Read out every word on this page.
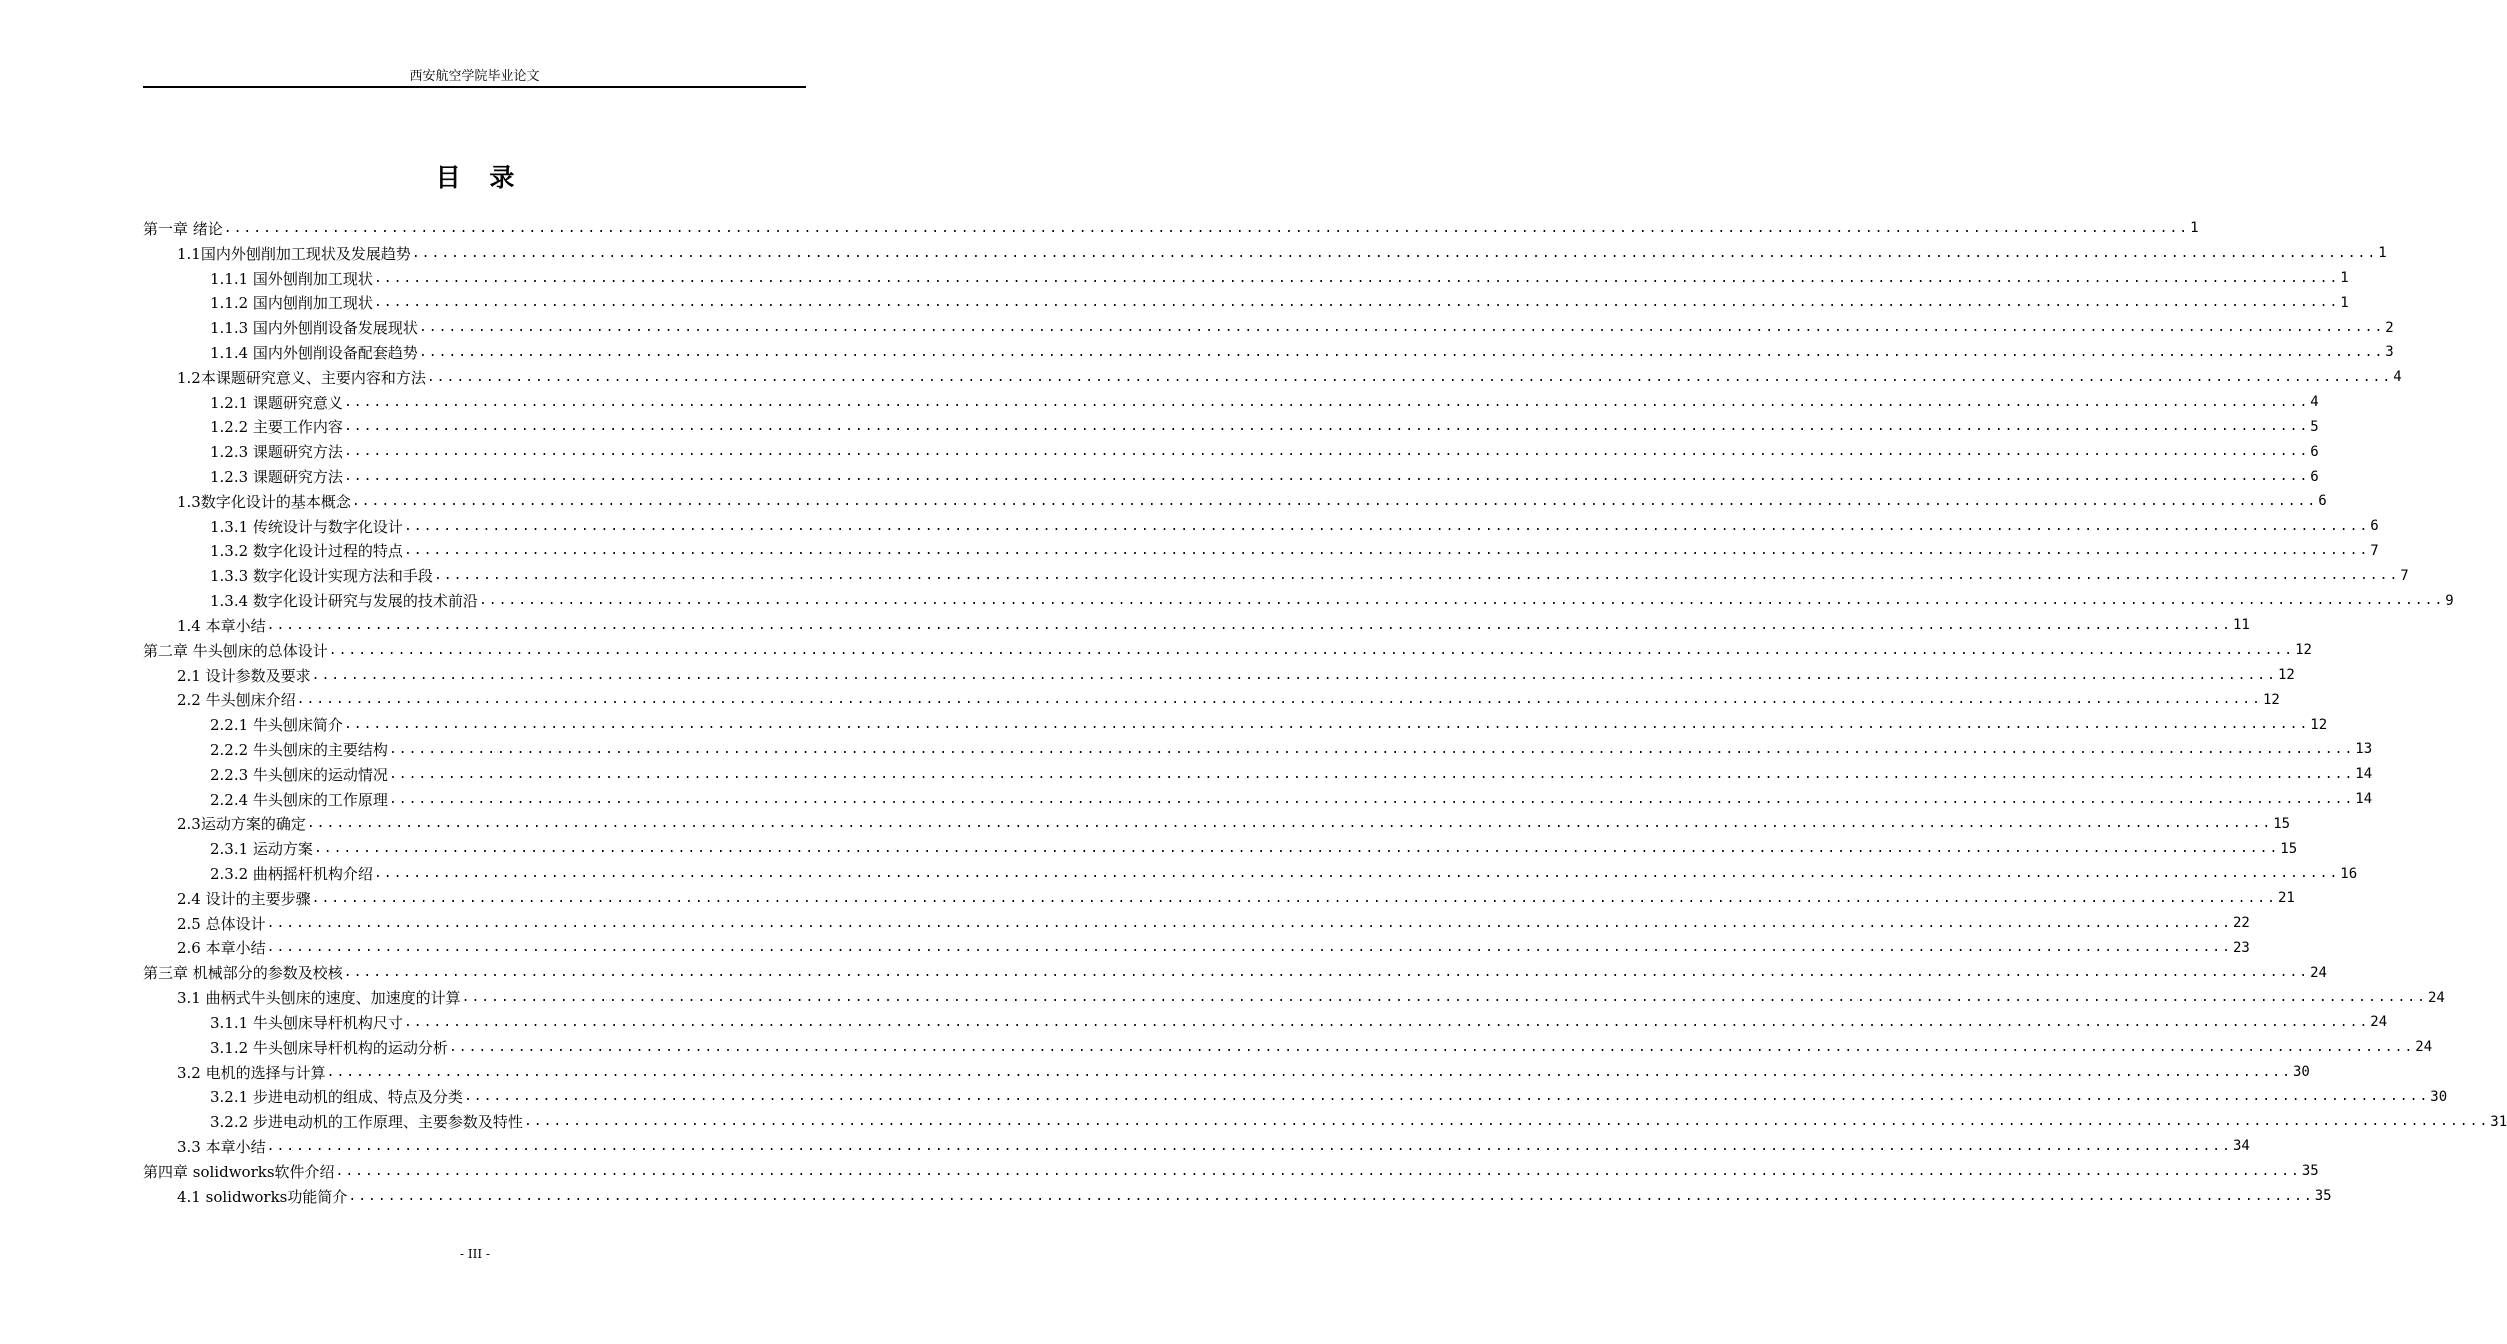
西安航空学院毕业论文
目 录
第一章 绪论 ........................................................................................................................................................................................................ 1
1.1国内外刨削加工现状及发展趋势 ........................................................................................................................................................................................................ 1
1.1.1 国外刨削加工现状 ........................................................................................................................................................................................................ 1
1.1.2 国内刨削加工现状 ........................................................................................................................................................................................................ 1
1.1.3 国内外刨削设备发展现状 ........................................................................................................................................................................................................ 2
1.1.4 国内外刨削设备配套趋势 ........................................................................................................................................................................................................ 3
1.2本课题研究意义、主要内容和方法 ........................................................................................................................................................................................................ 4
1.2.1 课题研究意义 ........................................................................................................................................................................................................ 4
1.2.2 主要工作内容 ........................................................................................................................................................................................................ 5
1.2.3 课题研究方法 ........................................................................................................................................................................................................ 6
1.2.3 课题研究方法 ........................................................................................................................................................................................................ 6
1.3数字化设计的基本概念 ........................................................................................................................................................................................................ 6
1.3.1 传统设计与数字化设计 ........................................................................................................................................................................................................ 6
1.3.2 数字化设计过程的特点 ........................................................................................................................................................................................................ 7
1.3.3 数字化设计实现方法和手段 ........................................................................................................................................................................................................ 7
1.3.4 数字化设计研究与发展的技术前沿 ........................................................................................................................................................................................................ 9
1.4 本章小结 ........................................................................................................................................................................................................ 11
第二章 牛头刨床的总体设计 ........................................................................................................................................................................................................ 12
2.1 设计参数及要求 ........................................................................................................................................................................................................ 12
2.2 牛头刨床介绍 ........................................................................................................................................................................................................ 12
2.2.1 牛头刨床简介 ........................................................................................................................................................................................................ 12
2.2.2 牛头刨床的主要结构 ........................................................................................................................................................................................................ 13
2.2.3 牛头刨床的运动情况 ........................................................................................................................................................................................................ 14
2.2.4 牛头刨床的工作原理 ........................................................................................................................................................................................................ 14
2.3运动方案的确定 ........................................................................................................................................................................................................ 15
2.3.1 运动方案 ........................................................................................................................................................................................................ 15
2.3.2 曲柄摇杆机构介绍 ........................................................................................................................................................................................................ 16
2.4 设计的主要步骤 ........................................................................................................................................................................................................ 21
2.5 总体设计 ........................................................................................................................................................................................................ 22
2.6 本章小结 ........................................................................................................................................................................................................ 23
第三章 机械部分的参数及校核 ........................................................................................................................................................................................................ 24
3.1 曲柄式牛头刨床的速度、加速度的计算 ........................................................................................................................................................................................................ 24
3.1.1 牛头刨床导杆机构尺寸 ........................................................................................................................................................................................................ 24
3.1.2 牛头刨床导杆机构的运动分析 ........................................................................................................................................................................................................ 24
3.2 电机的选择与计算 ........................................................................................................................................................................................................ 30
3.2.1 步进电动机的组成、特点及分类 ........................................................................................................................................................................................................ 30
3.2.2 步进电动机的工作原理、主要参数及特性 ........................................................................................................................................................................................................ 31
3.3 本章小结 ........................................................................................................................................................................................................ 34
第四章 solidworks软件介绍 ........................................................................................................................................................................................................ 35
4.1 solidworks功能简介 ........................................................................................................................................................................................................ 35
- III -
